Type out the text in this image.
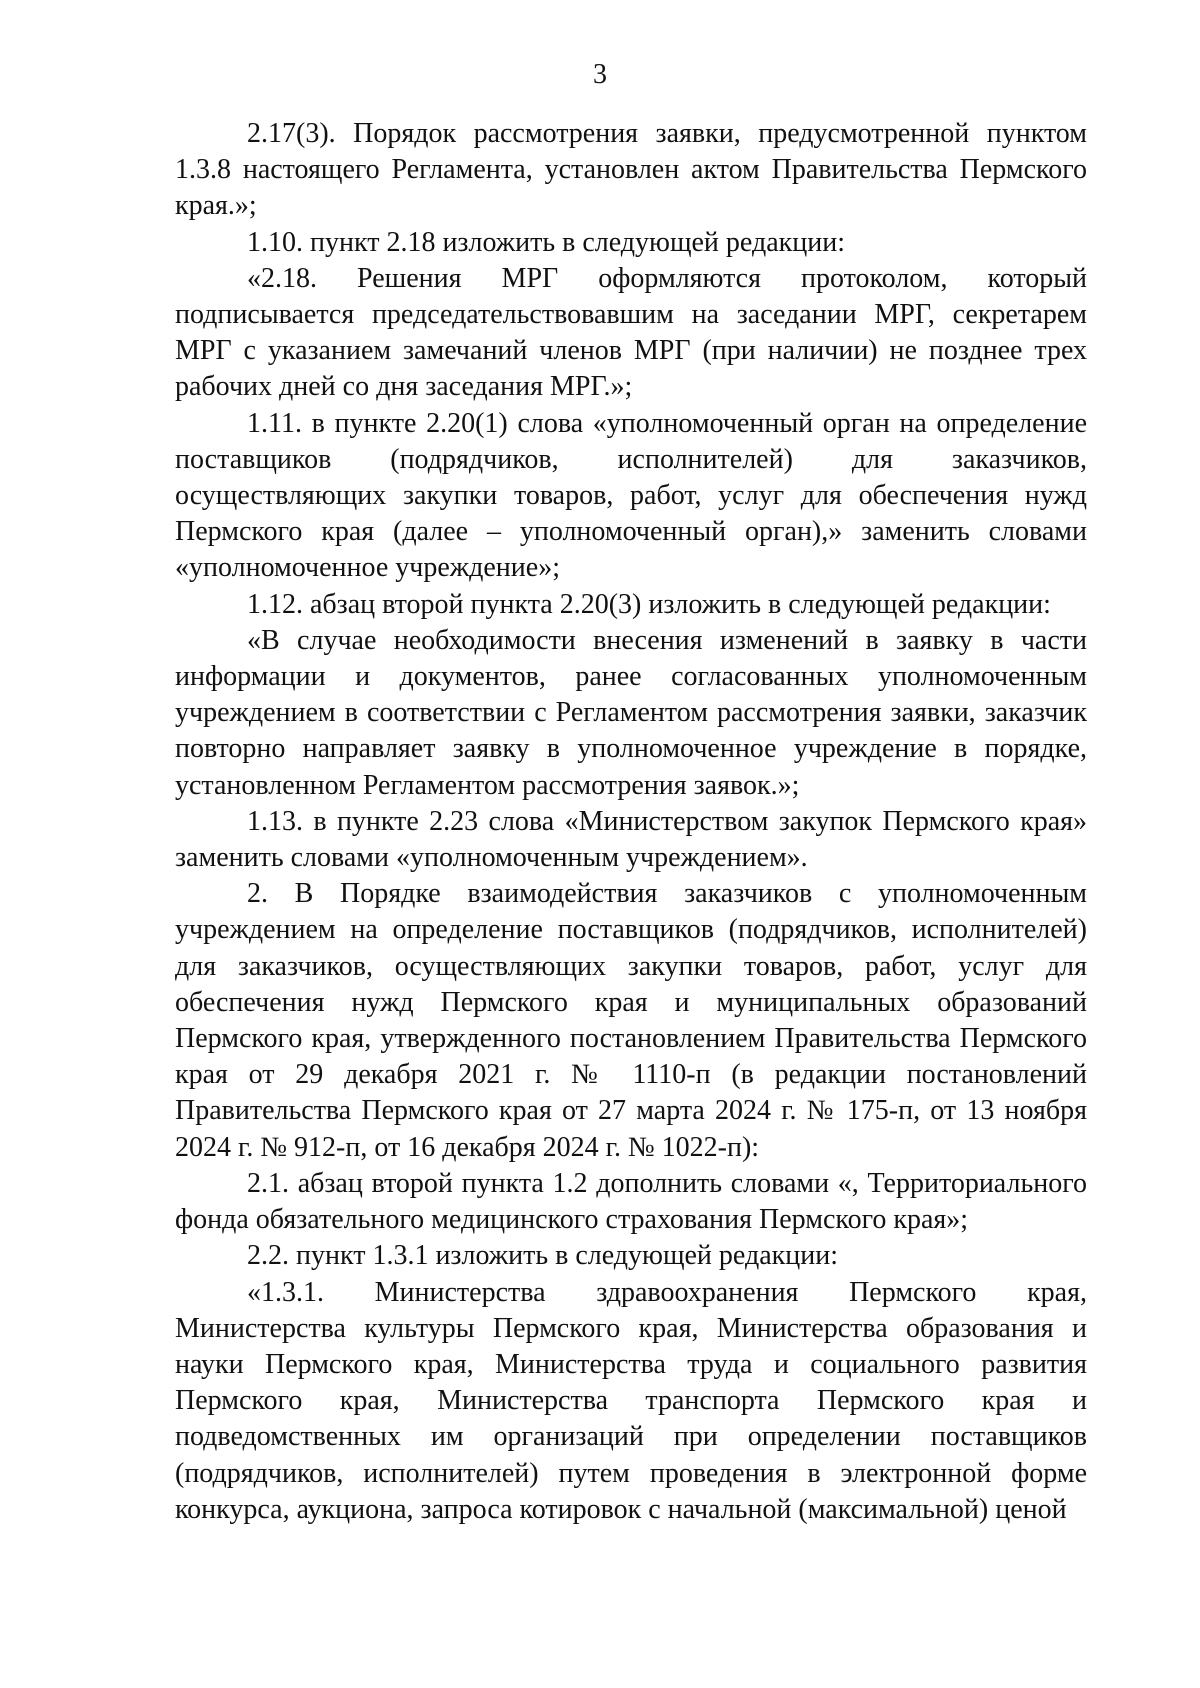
3

2.17(3). Порядок рассмотрения заявки, предусмотренной пунктом 1.3.8 настоящего Регламента, установлен актом Правительства Пермского края.»;

1.10. пункт 2.18 изложить в следующей редакции:

«2.18. Решения МРГ оформляются протоколом, который подписывается председательствовавшим на заседании МРГ, секретарем МРГ с указанием замечаний членов МРГ (при наличии) не позднее трех рабочих дней со дня заседания МРГ.»;

1.11. в пункте 2.20(1) слова «уполномоченный орган на определение поставщиков (подрядчиков, исполнителей) для заказчиков, осуществляющих закупки товаров, работ, услуг для обеспечения нужд Пермского края (далее – уполномоченный орган),» заменить словами «уполномоченное учреждение»;

1.12. абзац второй пункта 2.20(3) изложить в следующей редакции:

«В случае необходимости внесения изменений в заявку в части информации и документов, ранее согласованных уполномоченным учреждением в соответствии с Регламентом рассмотрения заявки, заказчик повторно направляет заявку в уполномоченное учреждение в порядке, установленном Регламентом рассмотрения заявок.»;

1.13. в пункте 2.23 слова «Министерством закупок Пермского края» заменить словами «уполномоченным учреждением».

2. В Порядке взаимодействия заказчиков с уполномоченным учреждением на определение поставщиков (подрядчиков, исполнителей) для заказчиков, осуществляющих закупки товаров, работ, услуг для обеспечения нужд Пермского края и муниципальных образований Пермского края, утвержденного постановлением Правительства Пермского края от 29 декабря 2021 г. № 1110-п (в редакции постановлений Правительства Пермского края от 27 марта 2024 г. № 175-п, от 13 ноября 2024 г. № 912-п, от 16 декабря 2024 г. № 1022-п):

2.1. абзац второй пункта 1.2 дополнить словами «, Территориального фонда обязательного медицинского страхования Пермского края»;

2.2. пункт 1.3.1 изложить в следующей редакции:

«1.3.1. Министерства здравоохранения Пермского края, Министерства культуры Пермского края, Министерства образования и науки Пермского края, Министерства труда и социального развития Пермского края, Министерства транспорта Пермского края и подведомственных им организаций при определении поставщиков (подрядчиков, исполнителей) путем проведения в электронной форме конкурса, аукциона, запроса котировок с начальной (максимальной) ценой
